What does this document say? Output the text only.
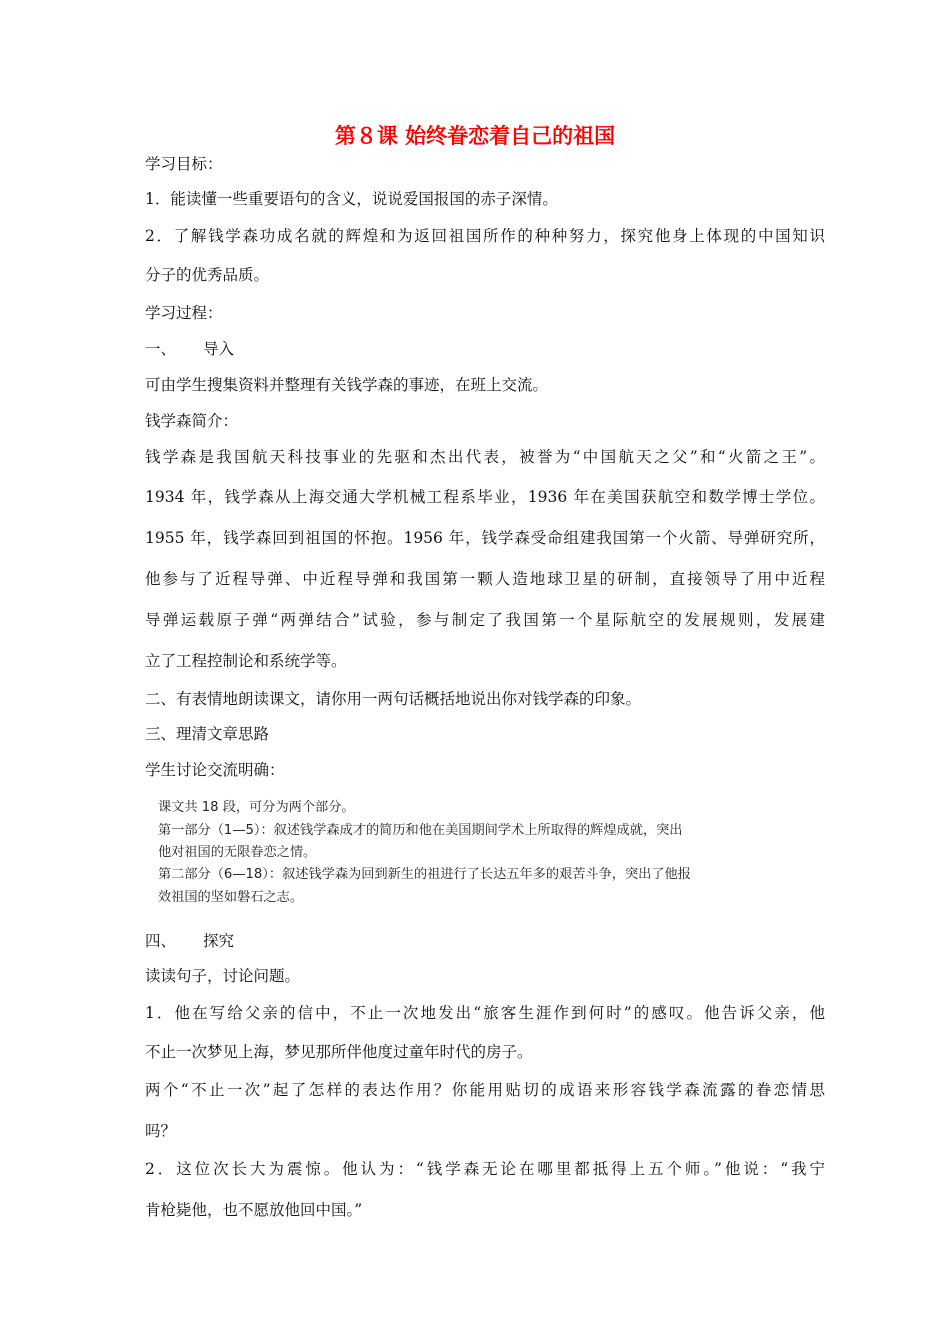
第８课 始终眷恋着自己的祖国
学习目标：
1．能读懂一些重要语句的含义，说说爱国报国的赤子深情。
2．了解钱学森功成名就的辉煌和为返回祖国所作的种种努力，探究他身上体现的中国知识
分子的优秀品质。
学习过程：
一、 导入
可由学生搜集资料并整理有关钱学森的事迹，在班上交流。
钱学森简介：
钱学森是我国航天科技事业的先驱和杰出代表，被誉为“中国航天之父”和“火箭之王”。
1934 年，钱学森从上海交通大学机械工程系毕业，1936 年在美国获航空和数学博士学位。
1955 年，钱学森回到祖国的怀抱。1956 年，钱学森受命组建我国第一个火箭、导弹研究所，
他参与了近程导弹、中近程导弹和我国第一颗人造地球卫星的研制，直接领导了用中近程
导弹运载原子弹“两弹结合”试验，参与制定了我国第一个星际航空的发展规则，发展建
立了工程控制论和系统学等。
二、有表情地朗读课文，请你用一两句话概括地说出你对钱学森的印象。
三、理清文章思路
学生讨论交流明确：
课文共 18 段，可分为两个部分。
第一部分（1—5）：叙述钱学森成才的简历和他在美国期间学术上所取得的辉煌成就，突出
他对祖国的无限眷恋之情。
第二部分（6—18）：叙述钱学森为回到新生的祖进行了长达五年多的艰苦斗争，突出了他报
效祖国的坚如磐石之志。
四、 探究
读读句子，讨论问题。
1．他在写给父亲的信中，不止一次地发出“旅客生涯作到何时”的感叹。他告诉父亲，他
不止一次梦见上海，梦见那所伴他度过童年时代的房子。
两个“不止一次”起了怎样的表达作用？你能用贴切的成语来形容钱学森流露的眷恋情思
吗？
2．这位次长大为震惊。他认为：“钱学森无论在哪里都抵得上五个师。”他说：“我宁
肯枪毙他，也不愿放他回中国。”
